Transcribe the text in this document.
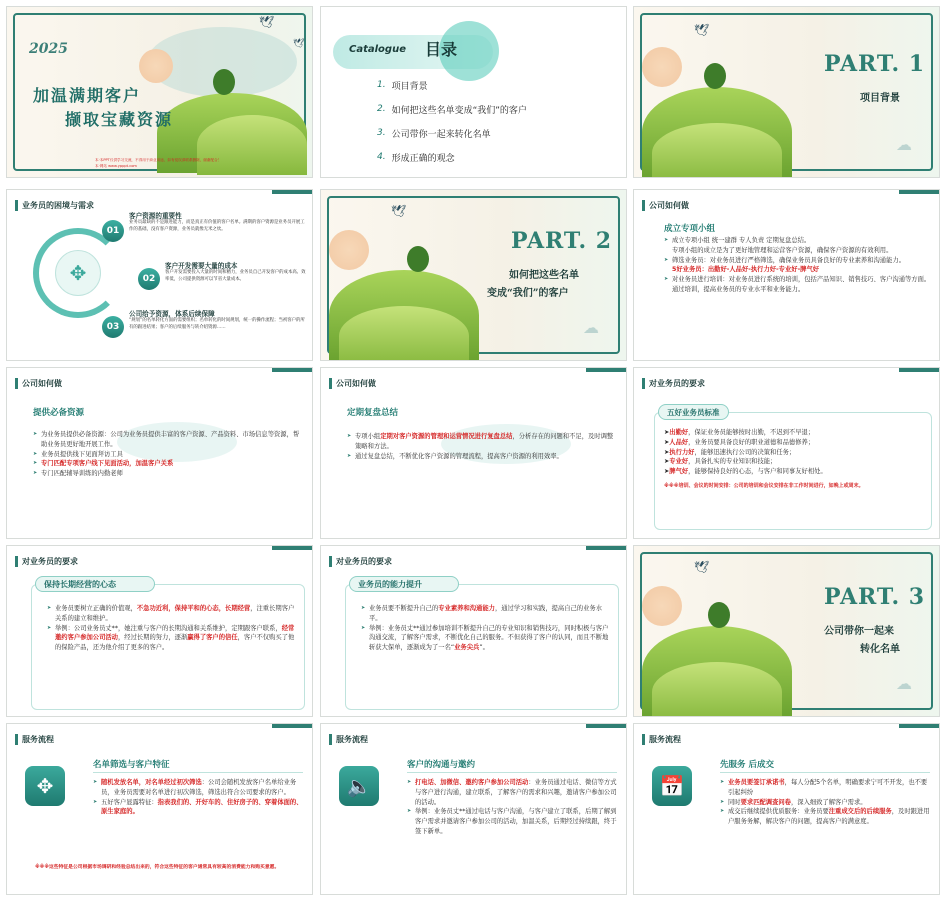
🕊
🕊
2025
加温满期客户
撷取宝藏资源
本·本PPT仅供学习交流，不得用于商业用途，如有侵权请联系删除，谢谢配合！
本·网站 www.ypppt.com
Catalogue 目录
1. 项目背景
2. 如何把这些名单变成“我们”的客户
3. 公司带你一起来转化名单
4. 形成正确的观念
🕊
PART. 1
项目背景
☁
业务员的困境与需求
✥
01
02
03
客户资源的重要性
业务员最缺的不是跟进能力，而是真正有价值的客户名单。满期的客户资源是业务员开展工作的基础，没有客户资源，业务员就像无米之炊。
客户开发需要大量的成本
客户开发需要投入大量的时间和精力，业务员自己开发客户的成本高、效率低，公司提供资源可以节省大量成本。
公司给予资源，体系后续保障
“规划”的名单转化方面的需要组织；名单转化的时间规划，统一的操作流程；当初客户的所有的跟进结果；客户的后续服务与转介绍资源……
🕊
PART. 2
如何把这些名单
变成“我们”的客户
☁
公司如何做
成立专项小组
➤ 成立专项小组 统一建群 专人负责 定期复盘总结。
专项小组的成立是为了更好地管理和运营客户资源，确保客户资源的有效利用。
➤ 筛选业务员：对业务员进行严格筛选，确保业务员具备良好的专业素养和沟通能力。
5好业务员：出勤好-人品好-执行力好-专业好-脾气好
➤ 对业务员进行培训：对业务员进行系统的培训，包括产品知识、销售技巧、客户沟通等方面。通过培训，提高业务员的专业水平和业务能力。
公司如何做
提供必备资源
➤ 为业务员提供必备资源：公司为业务员提供丰富的客户资源、产品资料、市场信息等资源，帮助业务员更好地开展工作。
➤ 业务员提供线下见面拜访工具
➤ 专门匹配专项客户线下见面活动，加温客户关系
➤ 专门匹配辅导训练的内勤老师
公司如何做
定期复盘总结
➤ 专项小组定期对客户资源的管理和运营情况进行复盘总结，分析存在的问题和不足，及时调整策略和方法。
➤ 通过复盘总结，不断优化客户资源的管理流程，提高客户资源的利用效率。
对业务员的要求
五好业务员标准
➤出勤好，保证业务员能够按时出勤，不迟到不早退；
➤人品好，业务员要具备良好的职业道德和品德修养；
➤执行力好，能够迅速执行公司的决策和任务；
➤专业好，具备扎实的专业知识和技能；
➤脾气好，能够保持良好的心态，与客户和同事友好相处。
※※※培训、会议的时间安排：公司的培训和会议安排在非工作时间进行，如晚上或周末。
对业务员的要求
保持长期经营的心态
➤ 业务员要树立正确的价值观，不急功近利，保持平和的心态，长期经营，注重长期客户关系的建立和维护。
➤ 举例：公司业务员丈**，她注重与客户的长期沟通和关系维护，定期跟客户联系，经常邀约客户参加公司活动，经过长期的努力，逐渐赢得了客户的信任，客户不仅购买了他的保险产品，还为他介绍了更多的客户。
对业务员的要求
业务员的能力提升
➤ 业务员要不断提升自己的专业素养和沟通能力，通过学习和实践，提高自己的业务水平。
➤ 举例：业务员丈**通过参加培训不断提升自己的专业知识和销售技巧，同时积极与客户沟通交流，了解客户需求，不断优化自己的服务。不但获得了客户的认同，而且不断地斩获大保单，逐渐成为了一名“业务尖兵”。
🕊
PART. 3
公司带你一起来
转化名单
☁
服务流程
✥
名单筛选与客户特征
➤ 随机发放名单，对名单经过初次筛选：公司会随机发放客户名单给业务员，业务员需要对名单进行初次筛选，筛选出符合公司要求的客户。
➤ 五好客户显露特征：指表我们的、开好车的、住好房子的、穿着体面的、原生家庭的。
※※※这些特征是公司根据市场调研和经验总结出来的，符合这些特征的客户通常具有较高的消费能力和购买意愿。
服务流程
🔈
客户的沟通与邀约
➤ 打电话、加微信、邀约客户参加公司活动：业务员通过电话、微信等方式与客户进行沟通，建立联系，了解客户的需求和兴趣，邀请客户参加公司的活动。
➤ 举例：业务员丈**通过电话与客户沟通，与客户建立了联系，后期了解到客户需求并邀请客户参加公司的活动，加温关系，后期经过持续跟，终于签下新单。
服务流程
📅
先服务 后成交
➤ 业务员要签订承诺书，每人分配5个名单，明确要求宁可不开发，也不要引起纠纷
➤ 同时要求匹配调查问卷，深入细致了解客户需求。
➤ 成交后继续提供优质服务：业务员要注重成交后的后续服务，及时跟进用户服务务解，解决客户的问题，提高客户的满意度。
